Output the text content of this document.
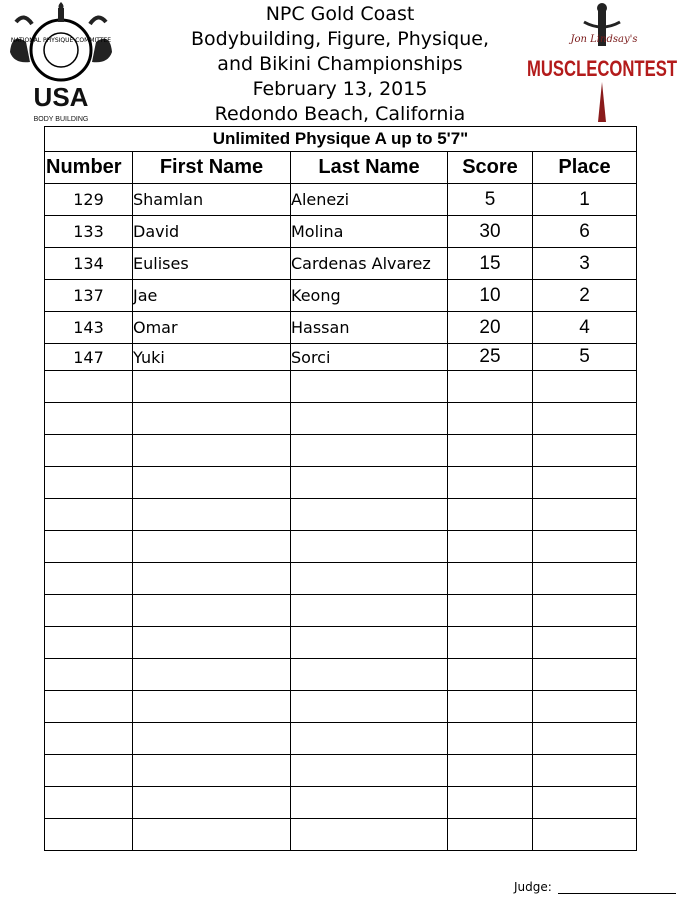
NATIONAL PHYSIQUE COMMITTEE
USA
BODY BUILDING
NPC Gold Coast
Bodybuilding, Figure, Physique,
and Bikini Championships
February 13, 2015
Redondo Beach, California
Jon Lindsay's
MUSCLECONTEST
Unlimited Physique A up to 5'7"				
Number	First Name	Last Name	Score	Place
129	Shamlan	Alenezi	5	1
133	David	Molina	30	6
134	Eulises	Cardenas Alvarez	15	3
137	Jae	Keong	10	2
143	Omar	Hassan	20	4
147	Yuki	Sorci	25	5

Judge:
